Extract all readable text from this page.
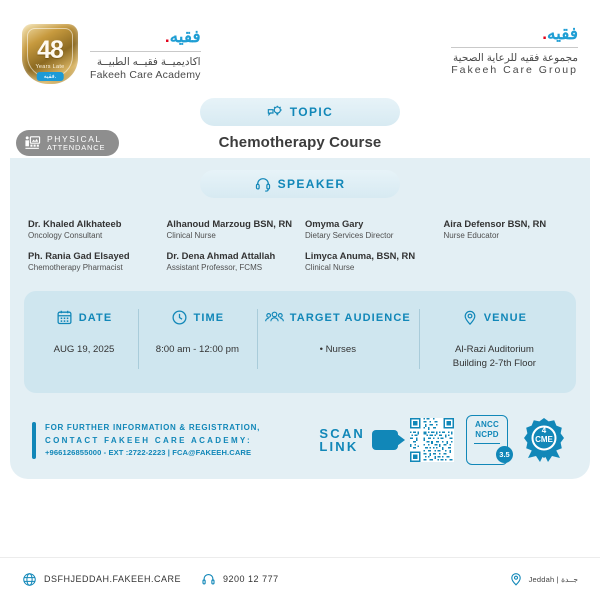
48
Years Late
فقيه.
فقيه.
اكاديميــة فقيــه الطبيــة
Fakeeh Care Academy
فقيه.
مجموعة فقيه للرعاية الصحية
Fakeeh Care Group
TOPIC
Chemotherapy Course
PHYSICAL
ATTENDANCE
SPEAKER
Dr. Khaled Alkhateeb
Oncology Consultant
Alhanoud Marzoug BSN, RN
Clinical Nurse
Omyma Gary
Dietary Services Director
Aira Defensor BSN, RN
Nurse Educator
Ph. Rania Gad Elsayed
Chemotherapy Pharmacist
Dr. Dena Ahmad Attallah
Assistant Professor, FCMS
Limyca Anuma, BSN, RN
Clinical Nurse
DATE
AUG 19, 2025
TIME
8:00 am - 12:00 pm
TARGET AUDIENCE
• Nurses
VENUE
Al-Razi Auditorium
Building 2-7th Floor
FOR FURTHER INFORMATION & REGISTRATION,
CONTACT FAKEEH CARE ACADEMY:
+966126855000 - EXT :2722-2223 | FCA@FAKEEH.CARE
SCAN
LINK
ANCC
NCPD
3.5
4
CME
DSFHJEDDAH.FAKEEH.CARE	9200 12 777	Jeddah | جــدة
